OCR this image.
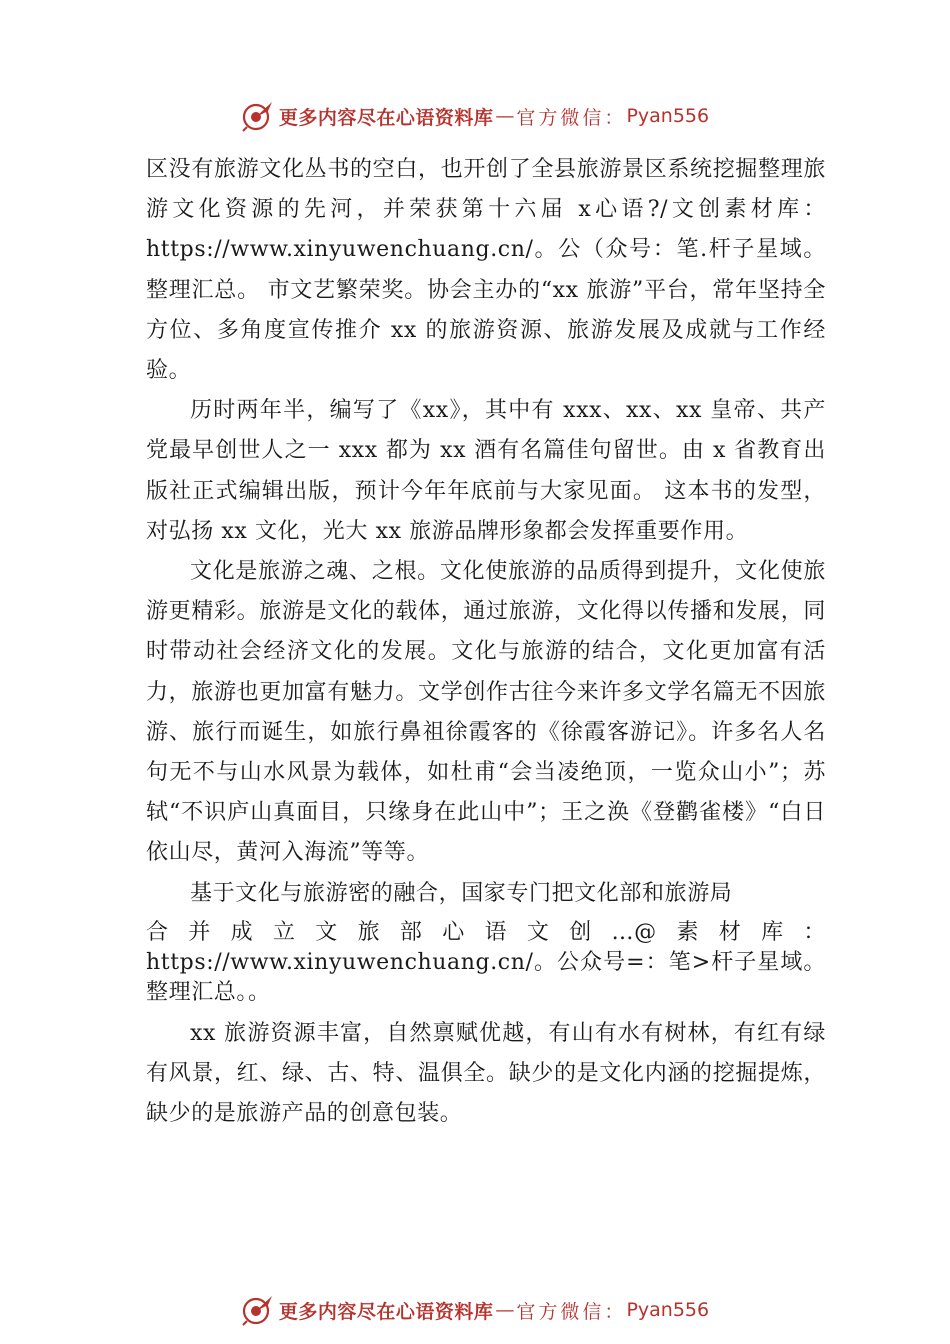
更多内容尽在心语资料库 — 官方微信： Pyan556

区没有旅游文化丛书的空白，也开创了全县旅游景区系统挖掘整理旅游文化资源的先河，并荣获第十六届 x心语?/文创素材库：https://www.xinyuwenchuang.cn/。公（众号：笔.杆子星域。整理汇总。 市文艺繁荣奖。协会主办的“xx 旅游”平台，常年坚持全方位、多角度宣传推介 xx 的旅游资源、旅游发展及成就与工作经验。

历时两年半，编写了《xx》，其中有 xxx、xx、xx 皇帝、共产党最早创世人之一 xxx 都为 xx 酒有名篇佳句留世。由 x 省教育出版社正式编辑出版，预计今年年底前与大家见面。 这本书的发型，对弘扬 xx 文化，光大 xx 旅游品牌形象都会发挥重要作用。

文化是旅游之魂、之根。文化使旅游的品质得到提升，文化使旅游更精彩。旅游是文化的载体，通过旅游，文化得以传播和发展，同时带动社会经济文化的发展。文化与旅游的结合，文化更加富有活力，旅游也更加富有魅力。文学创作古往今来许多文学名篇无不因旅游、旅行而诞生，如旅行鼻祖徐霞客的《徐霞客游记》。许多名人名句无不与山水风景为载体，如杜甫“会当凌绝顶，一览众山小”；苏轼“不识庐山真面目，只缘身在此山中”；王之涣《登鹳雀楼》“白日依山尽，黄河入海流”等等。

基于文化与旅游密的融合，国家专门把文化部和旅游局

合并成立文旅部心语文创…@素材库：https://www.xinyuwenchuang.cn/。公众号=：笔>杆子星域。整理汇总。。

xx 旅游资源丰富，自然禀赋优越，有山有水有树林，有红有绿有风景，红、绿、古、特、温俱全。缺少的是文化内涵的挖掘提炼，缺少的是旅游产品的创意包装。

更多内容尽在心语资料库 — 官方微信： Pyan556
